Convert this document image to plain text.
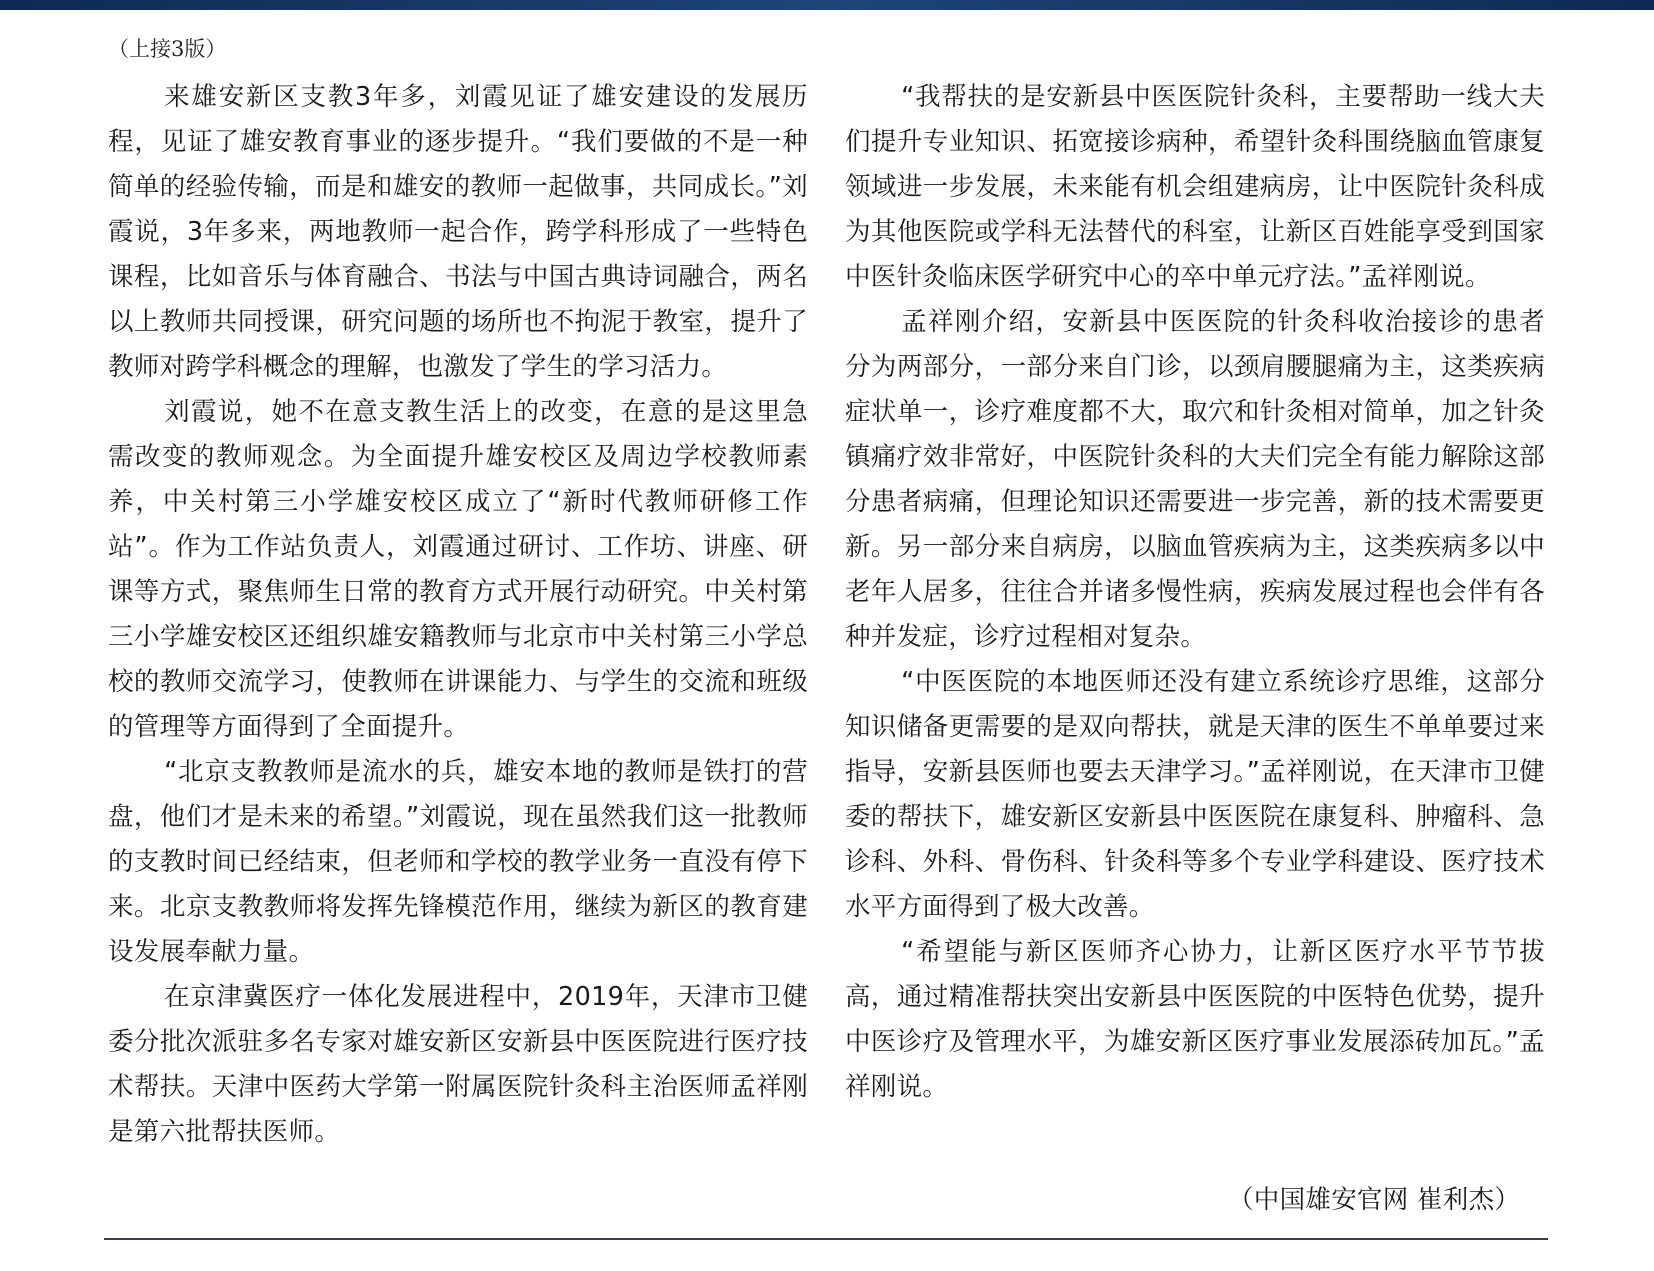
（上接3版）

来雄安新区支教3年多，刘霞见证了雄安建设的发展历程，见证了雄安教育事业的逐步提升。“我们要做的不是一种简单的经验传输，而是和雄安的教师一起做事，共同成长。”刘霞说，3年多来，两地教师一起合作，跨学科形成了一些特色课程，比如音乐与体育融合、书法与中国古典诗词融合，两名以上教师共同授课，研究问题的场所也不拘泥于教室，提升了教师对跨学科概念的理解，也激发了学生的学习活力。

刘霞说，她不在意支教生活上的改变，在意的是这里急需改变的教师观念。为全面提升雄安校区及周边学校教师素养，中关村第三小学雄安校区成立了“新时代教师研修工作站”。作为工作站负责人，刘霞通过研讨、工作坊、讲座、研课等方式，聚焦师生日常的教育方式开展行动研究。中关村第三小学雄安校区还组织雄安籍教师与北京市中关村第三小学总校的教师交流学习，使教师在讲课能力、与学生的交流和班级的管理等方面得到了全面提升。

“北京支教教师是流水的兵，雄安本地的教师是铁打的营盘，他们才是未来的希望。”刘霞说，现在虽然我们这一批教师的支教时间已经结束，但老师和学校的教学业务一直没有停下来。北京支教教师将发挥先锋模范作用，继续为新区的教育建设发展奉献力量。

在京津冀医疗一体化发展进程中，2019年，天津市卫健委分批次派驻多名专家对雄安新区安新县中医医院进行医疗技术帮扶。天津中医药大学第一附属医院针灸科主治医师孟祥刚是第六批帮扶医师。

“我帮扶的是安新县中医医院针灸科，主要帮助一线大夫们提升专业知识、拓宽接诊病种，希望针灸科围绕脑血管康复领域进一步发展，未来能有机会组建病房，让中医院针灸科成为其他医院或学科无法替代的科室，让新区百姓能享受到国家中医针灸临床医学研究中心的卒中单元疗法。”孟祥刚说。

孟祥刚介绍，安新县中医医院的针灸科收治接诊的患者分为两部分，一部分来自门诊，以颈肩腰腿痛为主，这类疾病症状单一，诊疗难度都不大，取穴和针灸相对简单，加之针灸镇痛疗效非常好，中医院针灸科的大夫们完全有能力解除这部分患者病痛，但理论知识还需要进一步完善，新的技术需要更新。另一部分来自病房，以脑血管疾病为主，这类疾病多以中老年人居多，往往合并诸多慢性病，疾病发展过程也会伴有各种并发症，诊疗过程相对复杂。

“中医医院的本地医师还没有建立系统诊疗思维，这部分知识储备更需要的是双向帮扶，就是天津的医生不单单要过来指导，安新县医师也要去天津学习。”孟祥刚说，在天津市卫健委的帮扶下，雄安新区安新县中医医院在康复科、肿瘤科、急诊科、外科、骨伤科、针灸科等多个专业学科建设、医疗技术水平方面得到了极大改善。

“希望能与新区医师齐心协力，让新区医疗水平节节拔高，通过精准帮扶突出安新县中医医院的中医特色优势，提升中医诊疗及管理水平，为雄安新区医疗事业发展添砖加瓦。”孟祥刚说。

（中国雄安官网 崔利杰）
